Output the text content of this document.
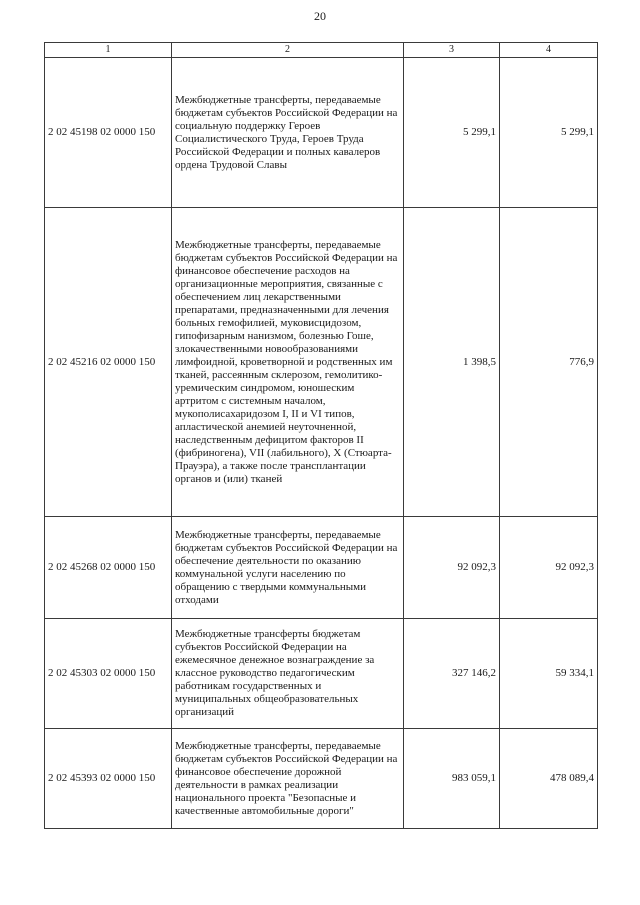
20
1	2	3	4
2 02 45198 02 0000 150	Межбюджетные трансферты, передаваемые бюджетам субъектов Российской Федерации на социальную поддержку Героев Социалистического Труда, Героев Труда Российской Федерации и полных кавалеров ордена Трудовой Славы	5 299,1	5 299,1
2 02 45216 02 0000 150	Межбюджетные трансферты, передаваемые бюджетам субъектов Российской Федерации на финансовое обеспечение расходов на организационные мероприятия, связанные с обеспечением лиц лекарственными препаратами, предназначенными для лечения больных гемофилией, муковисцидозом, гипофизарным нанизмом, болезнью Гоше, злокачественными новообразованиями лимфоидной, кроветворной и родственных им тканей, рассеянным склерозом, гемолитико-уремическим синдромом, юношеским артритом с системным началом, мукополисахаридозом I, II и VI типов, апластической анемией неуточненной, наследственным дефицитом факторов II (фибриногена), VII (лабильного), X (Стюарта-Прауэра), а также после трансплантации органов и (или) тканей	1 398,5	776,9
2 02 45268 02 0000 150	Межбюджетные трансферты, передаваемые бюджетам субъектов Российской Федерации на обеспечение деятельности по оказанию коммунальной услуги населению по обращению с твердыми коммунальными отходами	92 092,3	92 092,3
2 02 45303 02 0000 150	Межбюджетные трансферты бюджетам субъектов Российской Федерации на ежемесячное денежное вознаграждение за классное руководство педагогическим работникам государственных и муниципальных общеобразовательных организаций	327 146,2	59 334,1
2 02 45393 02 0000 150	Межбюджетные трансферты, передаваемые бюджетам субъектов Российской Федерации на финансовое обеспечение дорожной деятельности в рамках реализации национального проекта "Безопасные и качественные автомобильные дороги"	983 059,1	478 089,4
